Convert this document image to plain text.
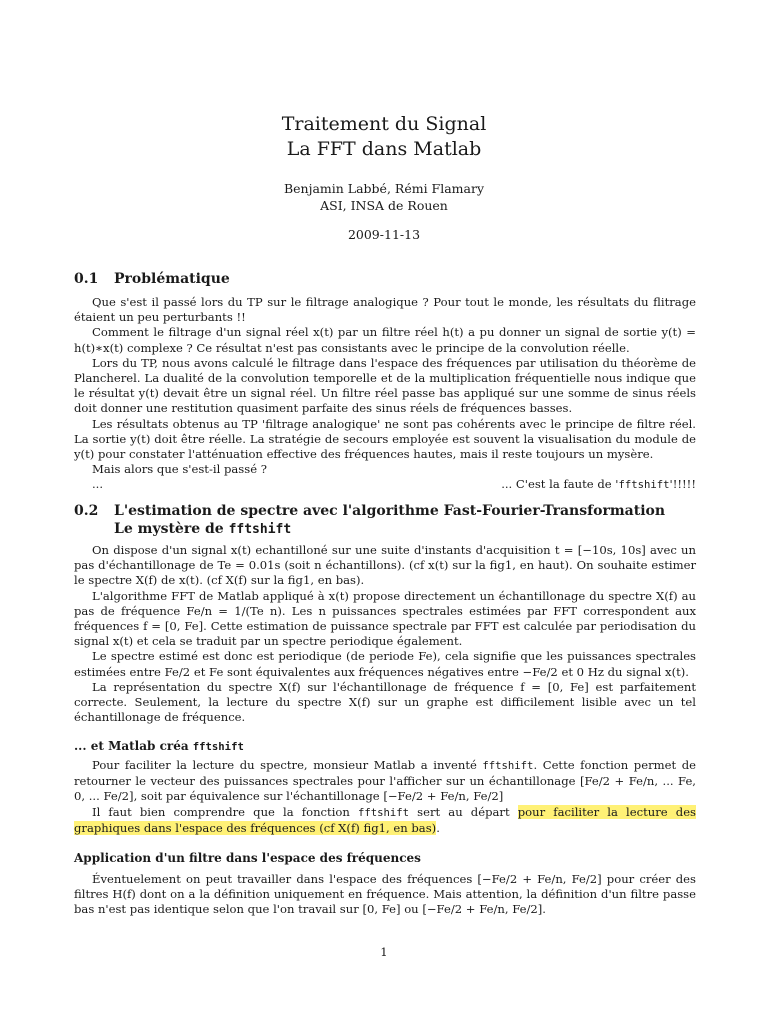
Traitement du Signal
La FFT dans Matlab
Benjamin Labbé, Rémi Flamary
ASI, INSA de Rouen
2009-11-13
0.1 Problématique

Que s'est il passé lors du TP sur le filtrage analogique ? Pour tout le monde, les résultats du flitrage étaient un peu perturbants !!

Comment le filtrage d'un signal réel x(t) par un filtre réel h(t) a pu donner un signal de sortie y(t) = h(t)∗x(t) complexe ? Ce résultat n'est pas consistants avec le principe de la convolution réelle.

Lors du TP, nous avons calculé le filtrage dans l'espace des fréquences par utilisation du théorème de Plancherel. La dualité de la convolution temporelle et de la multiplication fréquentielle nous indique que le résultat y(t) devait être un signal réel. Un filtre réel passe bas appliqué sur une somme de sinus réels doit donner une restitution quasiment parfaite des sinus réels de fréquences basses.

Les résultats obtenus au TP 'filtrage analogique' ne sont pas cohérents avec le principe de filtre réel. La sortie y(t) doit être réelle. La stratégie de secours employée est souvent la visualisation du module de y(t) pour constater l'atténuation effective des fréquences hautes, mais il reste toujours un mysère.

Mais alors que s'est-il passé ?

...	... C'est la faute de 'fftshift'!!!!!
0.2 L'estimation de spectre avec l'algorithme Fast-Fourier-Transformation
Le mystère de fftshift

On dispose d'un signal x(t) echantilloné sur une suite d'instants d'acquisition t = [−10s, 10s] avec un pas d'échantillonage de Te = 0.01s (soit n échantillons). (cf x(t) sur la fig1, en haut). On souhaite estimer le spectre X(f) de x(t). (cf X(f) sur la fig1, en bas).

L'algorithme FFT de Matlab appliqué à x(t) propose directement un échantillonage du spectre X(f) au pas de fréquence Fe/n = 1/(Te n). Les n puissances spectrales estimées par FFT correspondent aux fréquences f = [0, Fe]. Cette estimation de puissance spectrale par FFT est calculée par periodisation du signal x(t) et cela se traduit par un spectre periodique également.

Le spectre estimé est donc est periodique (de periode Fe), cela signifie que les puissances spectrales estimées entre Fe/2 et Fe sont équivalentes aux fréquences négatives entre −Fe/2 et 0 Hz du signal x(t).

La représentation du spectre X(f) sur l'échantillonage de fréquence f = [0, Fe] est parfaitement correcte. Seulement, la lecture du spectre X(f) sur un graphe est difficilement lisible avec un tel échantillonage de fréquence.

... et Matlab créa fftshift

Pour faciliter la lecture du spectre, monsieur Matlab a inventé fftshift. Cette fonction permet de retourner le vecteur des puissances spectrales pour l'afficher sur un échantillonage [Fe/2 + Fe/n, ... Fe, 0, ... Fe/2], soit par équivalence sur l'échantillonage [−Fe/2 + Fe/n, Fe/2]

Il faut bien comprendre que la fonction fftshift sert au départ pour faciliter la lecture des graphiques dans l'espace des fréquences (cf X(f) fig1, en bas).

Application d'un filtre dans l'espace des fréquences

Éventuelement on peut travailler dans l'espace des fréquences [−Fe/2 + Fe/n, Fe/2] pour créer des filtres H(f) dont on a la définition uniquement en fréquence. Mais attention, la définition d'un filtre passe bas n'est pas identique selon que l'on travail sur [0, Fe] ou [−Fe/2 + Fe/n, Fe/2].

1
